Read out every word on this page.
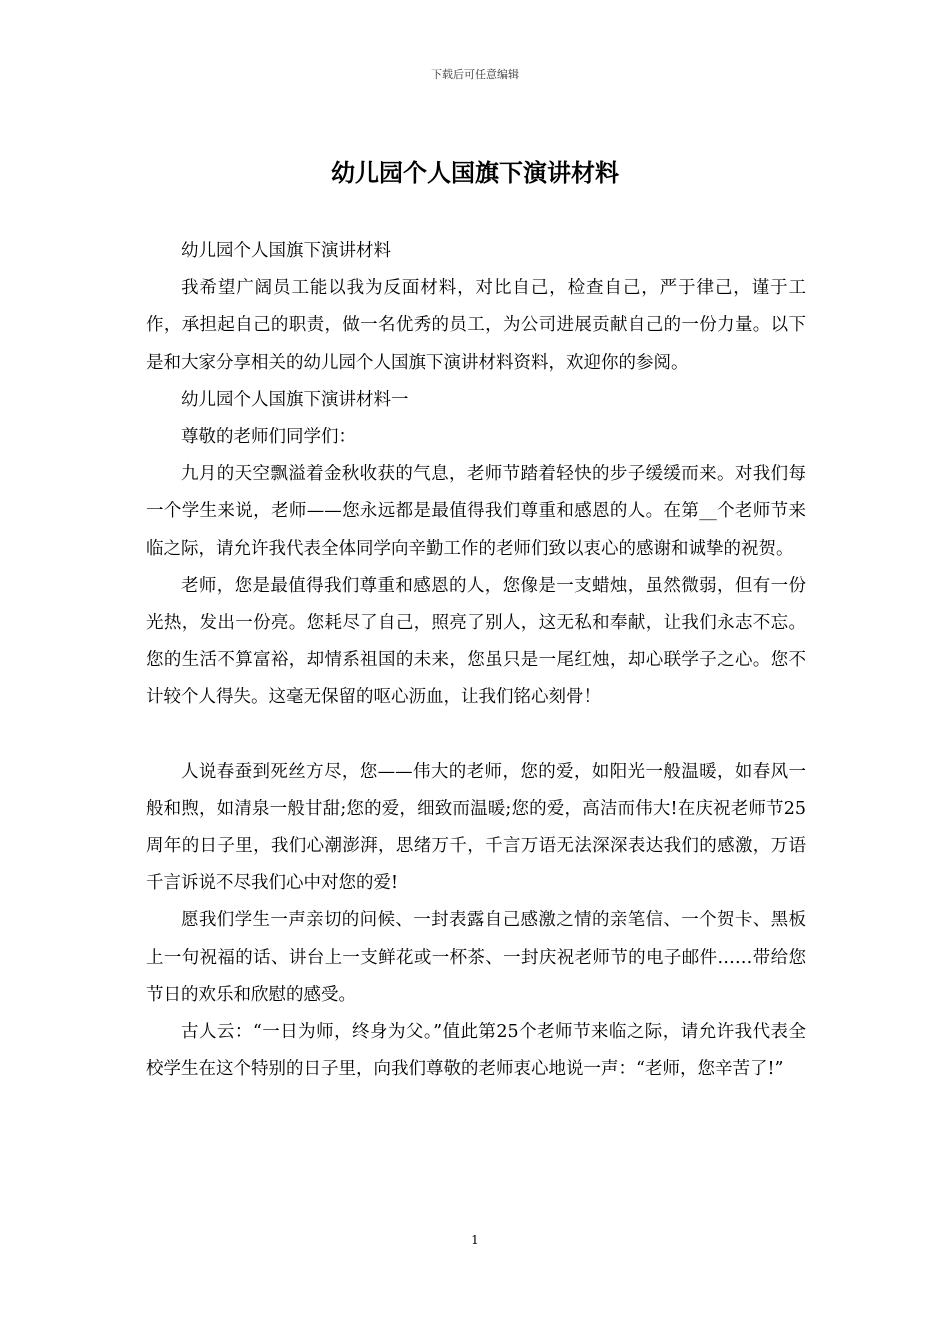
下载后可任意编辑
幼儿园个人国旗下演讲材料

幼儿园个人国旗下演讲材料

我希望广阔员工能以我为反面材料，对比自己，检查自己，严于律己，谨于工作，承担起自己的职责，做一名优秀的员工，为公司进展贡献自己的一份力量。以下是和大家分享相关的幼儿园个人国旗下演讲材料资料，欢迎你的参阅。

幼儿园个人国旗下演讲材料一

尊敬的老师们同学们：

九月的天空飘溢着金秋收获的气息，老师节踏着轻快的步子缓缓而来。对我们每一个学生来说，老师——您永远都是最值得我们尊重和感恩的人。在第__个老师节来临之际，请允许我代表全体同学向辛勤工作的老师们致以衷心的感谢和诚挚的祝贺。

老师，您是最值得我们尊重和感恩的人，您像是一支蜡烛，虽然微弱，但有一份光热，发出一份亮。您耗尽了自己，照亮了别人，这无私和奉献，让我们永志不忘。您的生活不算富裕，却情系祖国的未来，您虽只是一尾红烛，却心联学子之心。您不计较个人得失。这毫无保留的呕心沥血，让我们铭心刻骨！

人说春蚕到死丝方尽，您——伟大的老师，您的爱，如阳光一般温暖，如春风一般和煦，如清泉一般甘甜;您的爱，细致而温暖;您的爱，高洁而伟大!在庆祝老师节25周年的日子里，我们心潮澎湃，思绪万千，千言万语无法深深表达我们的感激，万语千言诉说不尽我们心中对您的爱!

愿我们学生一声亲切的问候、一封表露自己感激之情的亲笔信、一个贺卡、黑板上一句祝福的话、讲台上一支鲜花或一杯茶、一封庆祝老师节的电子邮件……带给您节日的欢乐和欣慰的感受。

古人云：“一日为师，终身为父。”值此第25个老师节来临之际，请允许我代表全校学生在这个特别的日子里，向我们尊敬的老师衷心地说一声：“老师，您辛苦了!”

1
